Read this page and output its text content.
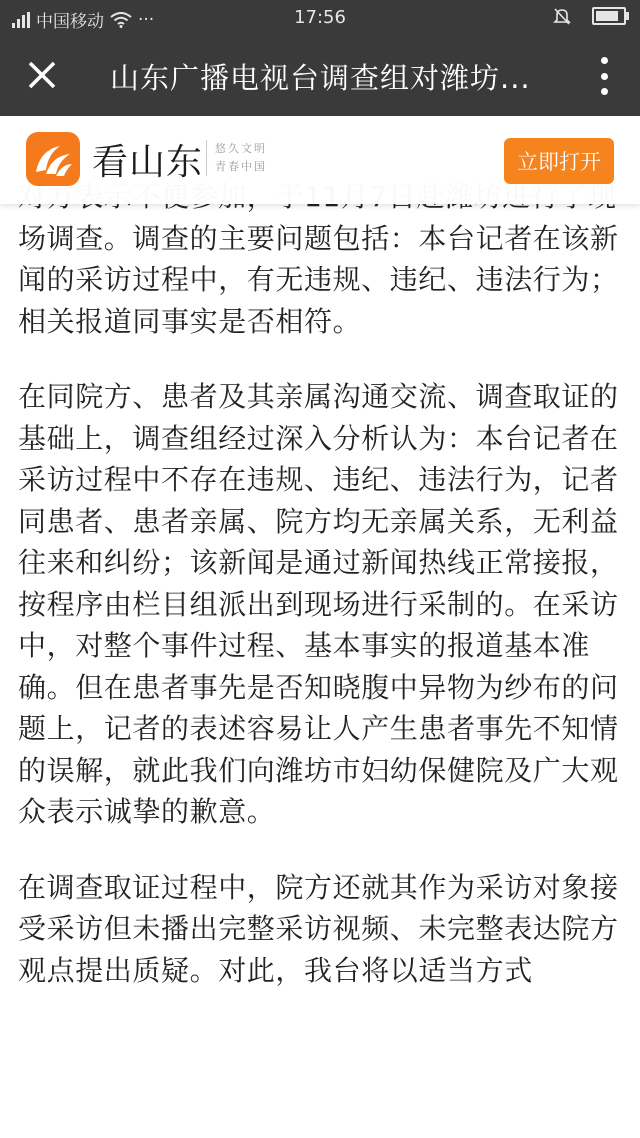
中国移动 ···	17:56
山东广播电视台调查组对潍坊...
看山东 悠久文明
青春中国	立即打开

场调查。调查的主要问题包括：本台记者在该新闻的采访过程中，有无违规、违纪、违法行为；相关报道同事实是否相符。

在同院方、患者及其亲属沟通交流、调查取证的基础上，调查组经过深入分析认为：本台记者在采访过程中不存在违规、违纪、违法行为，记者同患者、患者亲属、院方均无亲属关系，无利益往来和纠纷；该新闻是通过新闻热线正常接报，按程序由栏目组派出到现场进行采制的。在采访中，对整个事件过程、基本事实的报道基本准确。但在患者事先是否知晓腹中异物为纱布的问题上，记者的表述容易让人产生患者事先不知情的误解，就此我们向潍坊市妇幼保健院及广大观众表示诚挚的歉意。

在调查取证过程中，院方还就其作为采访对象接受采访但未播出完整采访视频、未完整表达院方观点提出质疑。对此，我台将以适当方式
